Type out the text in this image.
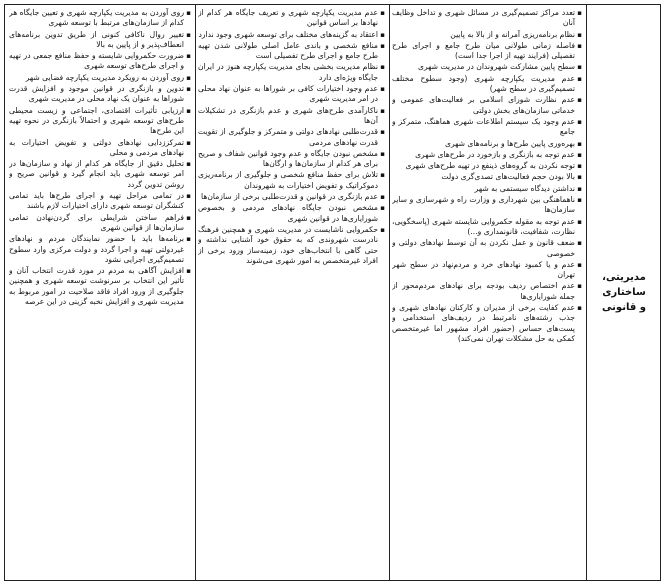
مدیریتی، ساختاری و قانونی
▪ تعدد مراکز تصمیم‌گیری در مسائل شهری و تداخل وظایف آنان
▪ نظام برنامه‌ریزی آمرانه و از بالا به پایین
▪ فاصله زمانی طولانی میان طرح جامع و اجرای طرح تفصیلی (فرایند تهیه از اجرا جدا است)
▪ سطح پایین مشارکت شهروندان در مدیریت شهری
▪ عدم مدیریت یکپارچه شهری (وجود سطوح مختلف تصمیم‌گیری در سطح شهر)
▪ عدم نظارت شورای اسلامی بر فعالیت‌های عمومی و خدماتی سازمان‌های بخش دولتی
▪ عدم وجود یک سیستم اطلاعات شهری هماهنگ، متمرکز و جامع
▪ بهره‌وری پایین طرح‌ها و برنامه‌های شهری
▪ عدم توجه به بازنگری و بازخورد در طرح‌های شهری
▪ توجه نکردن به گروه‌های ذینفع در تهیه طرح‌های شهری
▪ بالا بودن حجم فعالیت‌های تصدی‌گری دولت
▪ نداشتن دیدگاه سیستمی به شهر
▪ ناهماهنگی بین شهرداری و وزارت راه و شهرسازی و سایر سازمان‌ها
▪ عدم توجه به مقوله حکمروایی شایسته شهری (پاسخگویی، نظارت، شفافیت، قانونمداری و...)
▪ ضعف قانون و عمل نکردن به آن توسط نهادهای دولتی و خصوصی
▪ عدم و یا کمبود نهادهای خرد و مردم‌نهاد در سطح شهر تهران
▪ عدم اختصاص ردیف بودجه برای نهادهای مردم‌محور از جمله شورایاری‌ها
▪ عدم کفایت برخی از مدیران و کارکنان نهادهای شهری و جذب رشته‌های نامرتبط در ردیف‌های استخدامی و پست‌های حساس (حضور افراد مشهور اما غیرمتخصص کمکی به حل مشکلات تهران نمی‌کند)
▪ عدم مدیریت یکپارچه شهری و تعریف جایگاه هر کدام از نهادها بر اساس قوانین
▪ اعتقاد به گزینه‌های مختلف برای توسعه شهری وجود ندارد
▪ منافع شخصی و باندی عامل اصلی طولانی شدن تهیه طرح جامع و اجرای طرح تفصیلی است
▪ نظام مدیریت بخشی بجای مدیریت یکپارچه هنوز در ایران جایگاه ویژه‌ای دارد
▪ عدم وجود اختیارات کافی بر شوراها به عنوان نهاد محلی در امر مدیریت شهری
▪ ناکارآمدی طرح‌های شهری و عدم بازنگری در تشکیلات آن‌ها
▪ قدرت‌طلبی نهادهای دولتی و متمرکز و جلوگیری از تقویت قدرت نهادهای مردمی
▪ مشخص نبودن جایگاه و عدم وجود قوانین شفاف و صریح برای هر کدام از سازمان‌ها و ارگان‌ها
▪ تلاش برای حفظ منافع شخصی و جلوگیری از برنامه‌ریزی دموکراتیک و تفویض اختیارات به شهروندان
▪ عدم بازنگری در قوانین و قدرت‌طلبی برخی از سازمان‌ها
▪ مشخص نبودن جایگاه نهادهای مردمی و بخصوص شورایاری‌ها در قوانین شهری
▪ حکمروایی ناشایست در مدیریت شهری و همچنین فرهنگ نادرست شهروندی که به حقوق خود آشنایی نداشته و حتی گاهی با انتخاب‌های خود، زمینه‌ساز ورود برخی از افراد غیرمتخصص به امور شهری می‌شوند
▪ روی آوردن به مدیریت یکپارچه شهری و تعیین جایگاه هر کدام از سازمان‌های مرتبط با توسعه شهری
▪ تغییر روال ناکافی کنونی از طریق تدوین برنامه‌های انعطاف‌پذیر و از پایین به بالا
▪ ضرورت حکمروایی شایسته و حفظ منافع جمعی در تهیه و اجرای طرح‌های توسعه شهری
▪ روی آوردن به رویکرد مدیریت یکپارچه فضایی شهر
▪ تدوین و بازنگری در قوانین موجود و افزایش قدرت شوراها به عنوان یک نهاد محلی در مدیریت شهری
▪ ارزیابی تأثیرات اقتصادی، اجتماعی و زیست محیطی طرح‌های توسعه شهری و احتمالاً بازنگری در نحوه تهیه این طرح‌ها
▪ تمرکززدایی نهادهای دولتی و تفویض اختیارات به نهادهای مردمی و محلی
▪ تحلیل دقیق از جایگاه هر کدام از نهاد و سازمان‌ها در امر توسعه شهری باید انجام گیرد و قوانین صریح و روشن تدوین گردد
▪ در تمامی مراحل تهیه و اجرای طرح‌ها باید تمامی کنشگران توسعه شهری دارای اختیارات لازم باشند
▪ فراهم ساختن شرایطی برای گردن‌نهادن تمامی سازمان‌ها از قوانین شهری
▪ برنامه‌ها باید با حضور نمایندگان مردم و نهادهای غیردولتی تهیه و اجرا گردد و دولت مرکزی وارد سطوح تصمیم‌گیری اجرایی نشود
▪ افزایش آگاهی به مردم در مورد قدرت انتخاب آنان و تأثیر این انتخاب بر سرنوشت توسعه شهری و همچنین جلوگیری از ورود افراد فاقد صلاحیت در امور مربوط به مدیریت شهری و افزایش نخبه گزینی در این عرصه
